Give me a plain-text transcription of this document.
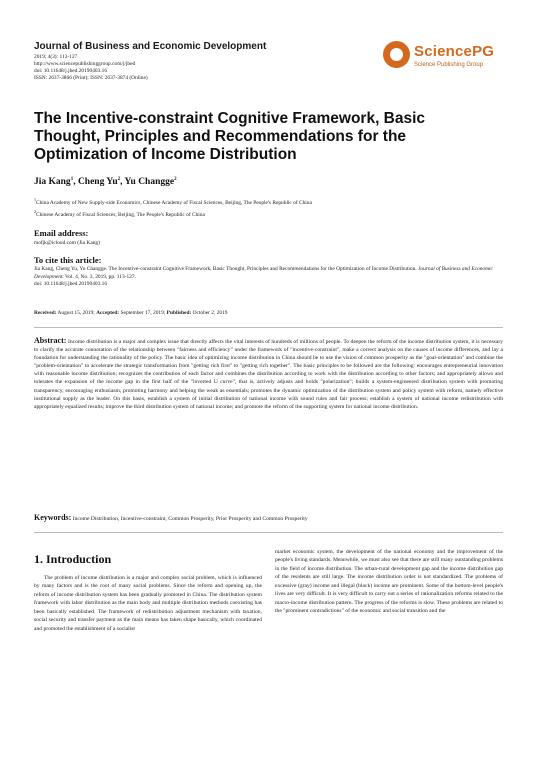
Journal of Business and Economic Development
2019; 4(3): 113-127
http://www.sciencepublishinggroup.com/j/jbed
doi: 10.11648/j.jbed.20190403.16
ISSN: 2637-3866 (Print); ISSN: 2637-3874 (Online)
SciencePG
Science Publishing Group
The Incentive-constraint Cognitive Framework, Basic Thought, Principles and Recommendations for the Optimization of Income Distribution
Jia Kang$^1$, Cheng Yu$^2$, Yu Changge$^2$
$^1$China Academy of New Supply-side Economics, Chinese Academy of Fiscal Sciences, Beijing, The People's Republic of China
$^2$Chinese Academy of Fiscal Sciences, Beijing, The People's Republic of China
Email address:
mofjk@icloud.com (Jia Kang)
To cite this article:
Jia Kang, Cheng Yu, Yu Changge. The Incentive-constraint Cognitive Framework, Basic Thought, Principles and Recommendations for the Optimization of Income Distribution. Journal of Business and Economic Development. Vol. 4, No. 3, 2019, pp. 113-127.
doi: 10.11648/j.jbed.20190403.16
Received: August 15, 2019; Accepted: September 17, 2019; Published: October 2, 2019
Abstract: Income distribution is a major and complex issue that directly affects the vital interests of hundreds of millions of people. To deepen the reform of the income distribution system, it is necessary to clarify the accurate connotation of the relationship between "fairness and efficiency" under the framework of "incentive-constraint", make a correct analysis on the causes of income differences, and lay a foundation for understanding the rationality of the policy. The basic idea of optimizing income distribution in China should be to use the vision of common prosperity as the "goal-orientation" and combine the "problem-orientation" to accelerate the strategic transformation from "getting rich first" to "getting rich together". The basic principles to be followed are the following: encourages entrepreneurial innovation with reasonable income distribution; recognizes the contribution of each factor and combines the distribution according to work with the distribution according to other factors; and appropriately allows and tolerates the expansion of the income gap in the first half of the "inverted U curve", that is, actively adjusts and holds "polarization"; builds a system-engineered distribution system with promoting transparency, encouraging enthusiasm, promoting harmony and helping the weak as essentials; promotes the dynamic optimization of the distribution system and policy system with reform, namely effective institutional supply as the leader. On this basis, establish a system of initial distribution of national income with sound rules and fair process; establish a system of national income redistribution with appropriately equalized results; improve the third distribution system of national income; and promote the reform of the supporting system for national income distribution.
Keywords: Income Distribution, Incentive-constraint, Common Prosperity, Prior Prosperity and Common Prosperity
1. Introduction
The problem of income distribution is a major and complex social problem, which is influenced by many factors and is the root of many social problems. Since the reform and opening up, the reform of income distribution system has been gradually promoted in China. The distribution system framework with labor distribution as the main body and multiple distribution methods coexisting has been basically established. The framework of redistribution adjustment mechanism with taxation, social security and transfer payment as the main means has taken shape basically, which coordinated and promoted the establishment of a socialist
market economic system, the development of the national economy and the improvement of the people's living standards. Meanwhile, we must also see that there are still many outstanding problems in the field of income distribution. The urban-rural development gap and the income distribution gap of the residents are still large. The income distribution order is not standardized. The problems of excessive (gray) income and illegal (black) income are prominent. Some of the bottom-level people's lives are very difficult. It is very difficult to carry out a series of rationalization reforms related to the macro-income distribution pattern. The progress of the reforms is slow. These problems are related to the "prominent contradictions" of the economic and social transition and the
